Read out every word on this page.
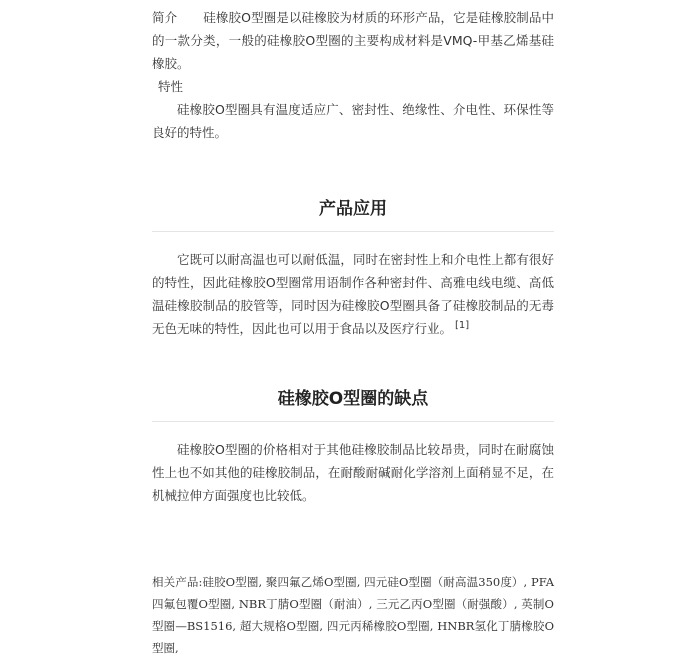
简介 硅橡胶O型圈是以硅橡胶为材质的环形产品，它是硅橡胶制品中的一款分类，一般的硅橡胶O型圈的主要构成材料是VMQ-甲基乙烯基硅橡胶。

特性

硅橡胶O型圈具有温度适应广、密封性、绝缘性、介电性、环保性等良好的特性。

产品应用

它既可以耐高温也可以耐低温，同时在密封性上和介电性上都有很好的特性，因此硅橡胶O型圈常用语制作各种密封件、高雅电线电缆、高低温硅橡胶制品的胶管等，同时因为硅橡胶O型圈具备了硅橡胶制品的无毒无色无味的特性，因此也可以用于食品以及医疗行业。 [1]

硅橡胶O型圈的缺点

硅橡胶O型圈的价格相对于其他硅橡胶制品比较昂贵，同时在耐腐蚀性上也不如其他的硅橡胶制品，在耐酸耐碱耐化学溶剂上面稍显不足，在机械拉伸方面强度也比较低。

相关产品:硅胶O型圈, 聚四氟乙烯O型圈, 四元硅O型圈（耐高温350度）, PFA四氟包覆O型圈, NBR丁腈O型圈（耐油）, 三元乙丙O型圈（耐强酸）, 英制O型圈—BS1516, 超大规格O型圈, 四元丙稀橡胶O型圈, HNBR氢化丁腈橡胶O型圈,
